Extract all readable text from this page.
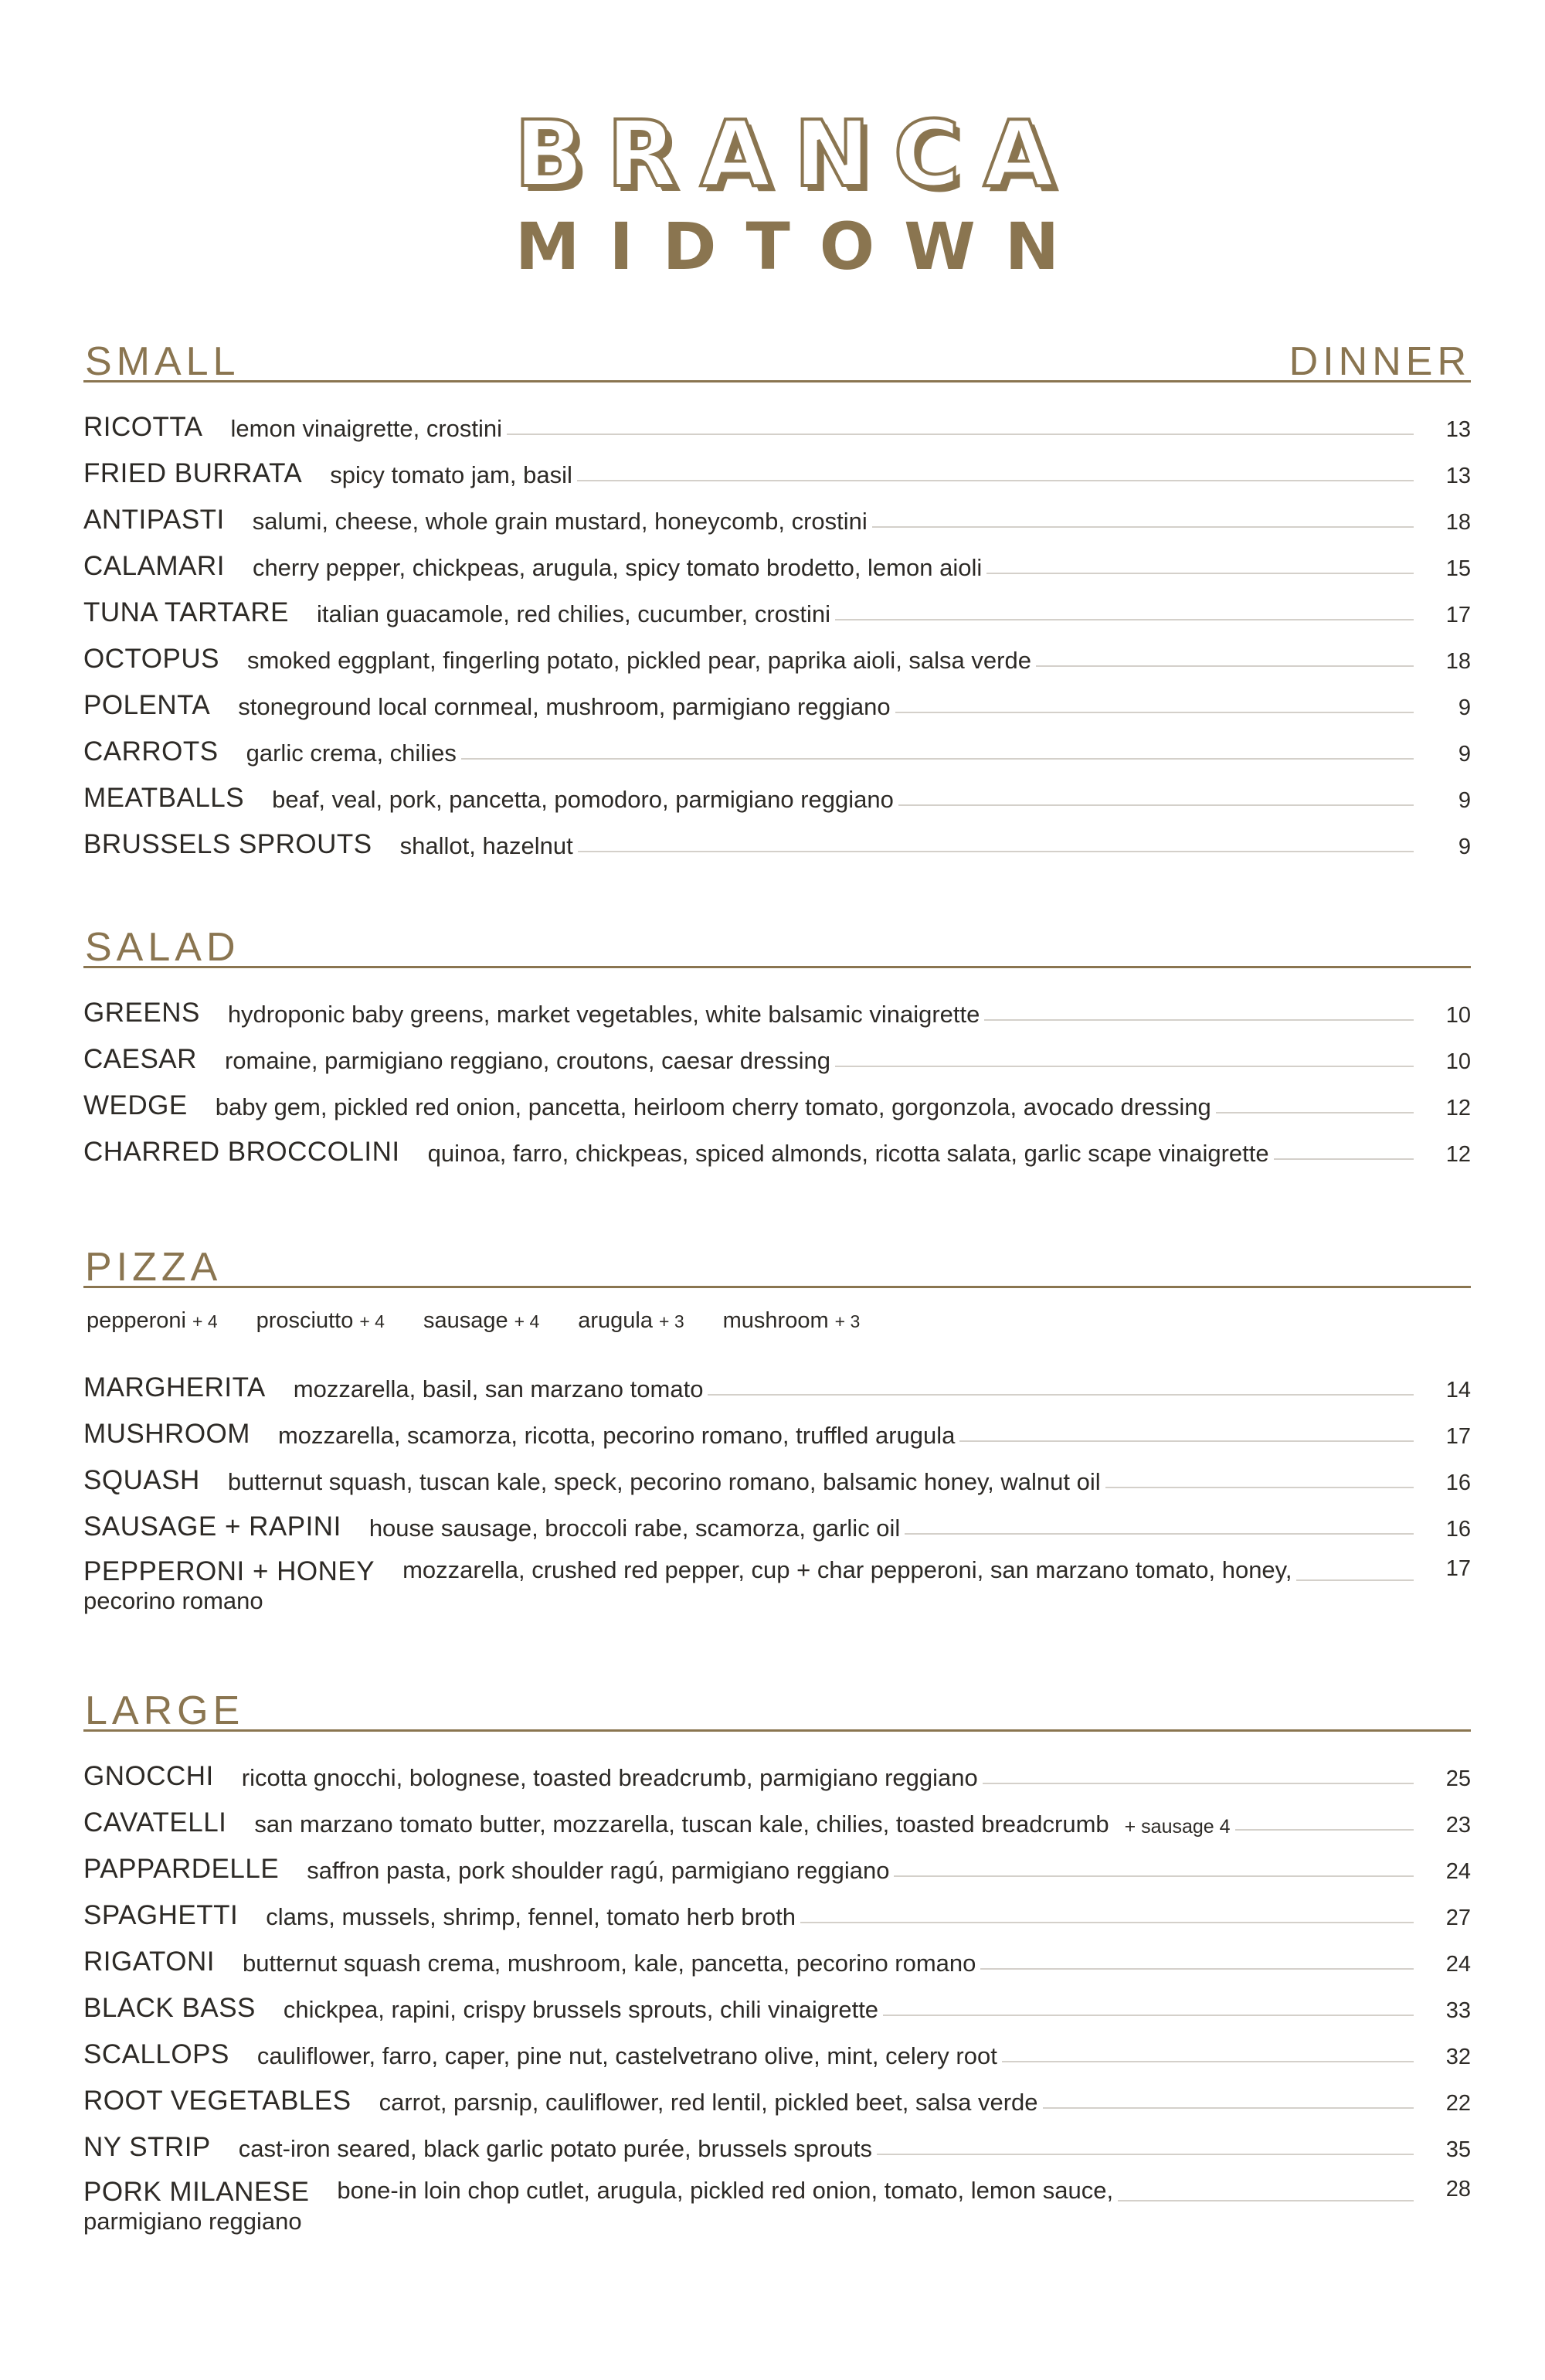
BRANCA
MIDTOWN
SMALL	DINNER
RICOTTA lemon vinaigrette, crostini	13
FRIED BURRATA spicy tomato jam, basil	13
ANTIPASTI salumi, cheese, whole grain mustard, honeycomb, crostini	18
CALAMARI cherry pepper, chickpeas, arugula, spicy tomato brodetto, lemon aioli	15
TUNA TARTARE italian guacamole, red chilies, cucumber, crostini	17
OCTOPUS smoked eggplant, fingerling potato, pickled pear, paprika aioli, salsa verde	18
POLENTA stoneground local cornmeal, mushroom, parmigiano reggiano	9
CARROTS garlic crema, chilies	9
MEATBALLS beaf, veal, pork, pancetta, pomodoro, parmigiano reggiano	9
BRUSSELS SPROUTS shallot, hazelnut	9
SALAD
GREENS hydroponic baby greens, market vegetables, white balsamic vinaigrette	10
CAESAR romaine, parmigiano reggiano, croutons, caesar dressing	10
WEDGE baby gem, pickled red onion, pancetta, heirloom cherry tomato, gorgonzola, avocado dressing	12
CHARRED BROCCOLINI quinoa, farro, chickpeas, spiced almonds, ricotta salata, garlic scape vinaigrette	12
PIZZA
pepperoni + 4 prosciutto + 4 sausage + 4 arugula + 3 mushroom + 3
MARGHERITA mozzarella, basil, san marzano tomato	14
MUSHROOM mozzarella, scamorza, ricotta, pecorino romano, truffled arugula	17
SQUASH butternut squash, tuscan kale, speck, pecorino romano, balsamic honey, walnut oil	16
SAUSAGE + RAPINI house sausage, broccoli rabe, scamorza, garlic oil	16
PEPPERONI + HONEY mozzarella, crushed red pepper, cup + char pepperoni, san marzano tomato, honey,	17
pecorino romano
LARGE
GNOCCHI ricotta gnocchi, bolognese, toasted breadcrumb, parmigiano reggiano	25
CAVATELLI san marzano tomato butter, mozzarella, tuscan kale, chilies, toasted breadcrumb + sausage 4	23
PAPPARDELLE saffron pasta, pork shoulder ragú, parmigiano reggiano	24
SPAGHETTI clams, mussels, shrimp, fennel, tomato herb broth	27
RIGATONI butternut squash crema, mushroom, kale, pancetta, pecorino romano	24
BLACK BASS chickpea, rapini, crispy brussels sprouts, chili vinaigrette	33
SCALLOPS cauliflower, farro, caper, pine nut, castelvetrano olive, mint, celery root	32
ROOT VEGETABLES carrot, parsnip, cauliflower, red lentil, pickled beet, salsa verde	22
NY STRIP cast-iron seared, black garlic potato purée, brussels sprouts	35
PORK MILANESE bone-in loin chop cutlet, arugula, pickled red onion, tomato, lemon sauce,	28
parmigiano reggiano
